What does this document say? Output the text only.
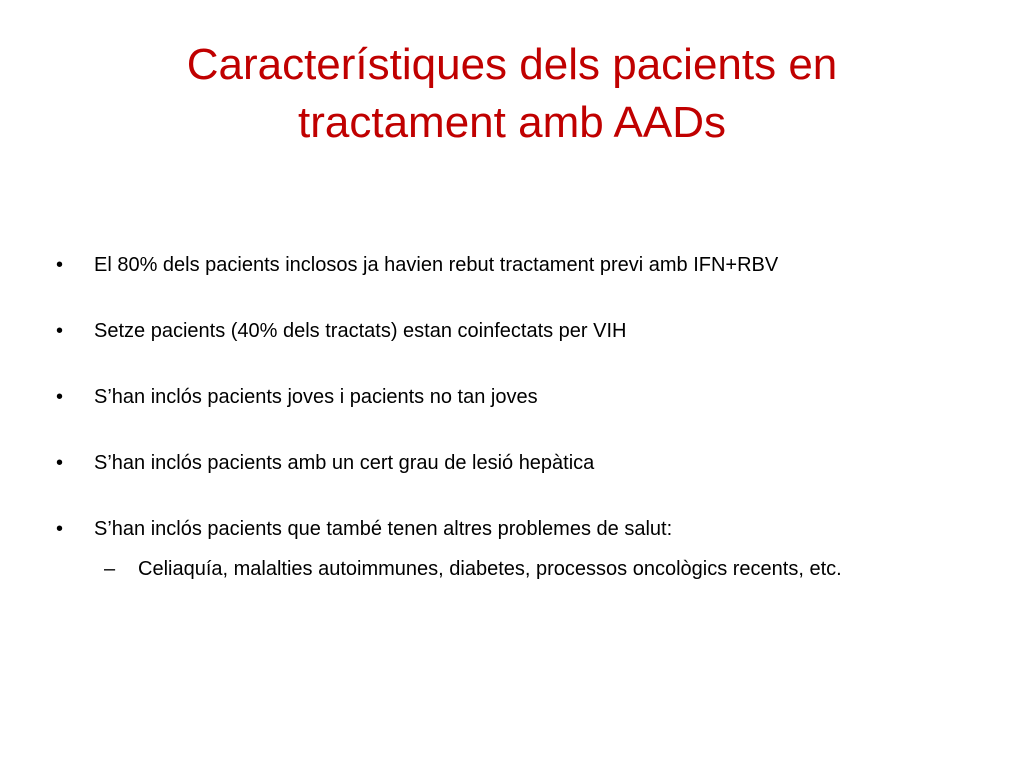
Característiques dels pacients en
tractament amb AADs
•	El 80% dels pacients inclosos ja havien rebut tractament previ amb IFN+RBV
•	Setze pacients (40% dels tractats) estan coinfectats per VIH
•	S’han inclós pacients joves i pacients no tan joves
•	S’han inclós pacients amb un cert grau de lesió hepàtica
•	S’han inclós pacients que també tenen altres problemes de salut:
–	Celiaquía, malalties autoimmunes, diabetes, processos oncològics recents, etc.
